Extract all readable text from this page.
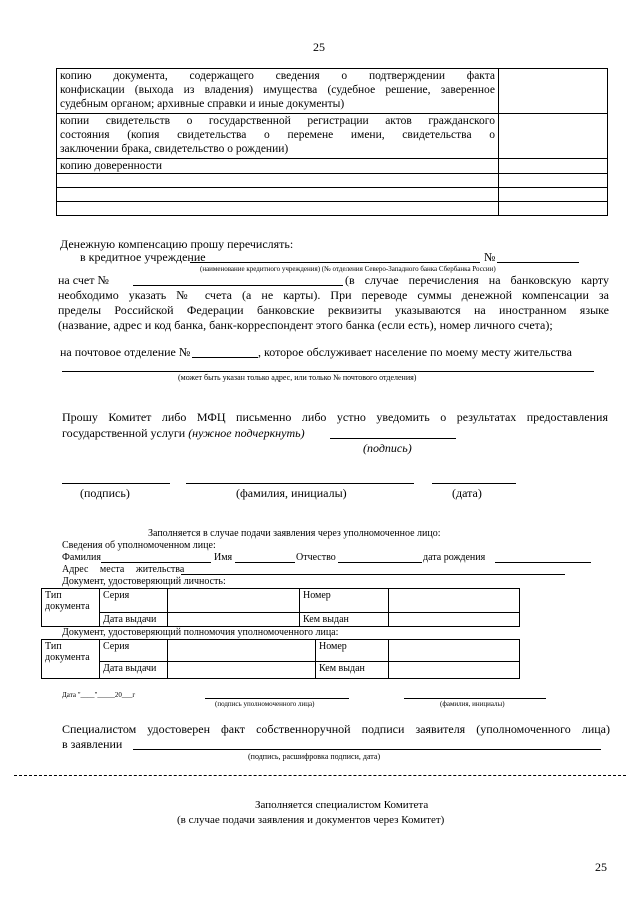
25
копию документа, содержащего сведения о подтверждении факта
конфискации (выхода из владения) имущества (судебное решение, заверенное
судебным органом; архивные справки и иные документы)	

копии свидетельств о государственной регистрации актов гражданского
состояния (копия свидетельства о перемене имени, свидетельства о
заключении брака, свидетельство о рождении)	

копию доверенности	

Денежную компенсацию прошу перечислять:
в кредитное учреждение	№
(наименование кредитного учреждения) (№ отделения Северо-Западного банка Сбербанка России)
на счет №	(в случае перечисления на банковскую карту
необходимо указать № счета (а не карты). При переводе суммы денежной компенсации за
пределы Российской Федерации банковские реквизиты указываются на иностранном языке
(название, адрес и код банка, банк-корреспондент этого банка (если есть), номер личного счета);
на почтовое отделение №	, которое обслуживает население по моему месту жительства
(может быть указан только адрес, или только № почтового отделения)
Прошу Комитет либо МФЦ письменно либо устно уведомить о результатах предоставления
государственной услуги (нужное подчеркнуть)
(подпись)
(подпись)	(фамилия, инициалы)	(дата)
Заполняется в случае подачи заявления через уполномоченное лицо:
Сведения об уполномоченном лице:
Фамилия	Имя	Отчество	дата рождения
Адрес места жительства
Документ, удостоверяющий личность:
Тип документа	Серия		Номер	
	Дата выдачи		Кем выдан	
Документ, удостоверяющий полномочия уполномоченного лица:
Тип документа	Серия		Номер	
	Дата выдачи		Кем выдан	
Дата "____"_____20___г
(подпись уполномоченного лица)	(фамилия, инициалы)
Специалистом удостоверен факт собственноручной подписи заявителя (уполномоченного лица)
в заявлении
(подпись, расшифровка подписи, дата)
Заполняется специалистом Комитета
(в случае подачи заявления и документов через Комитет)
25
